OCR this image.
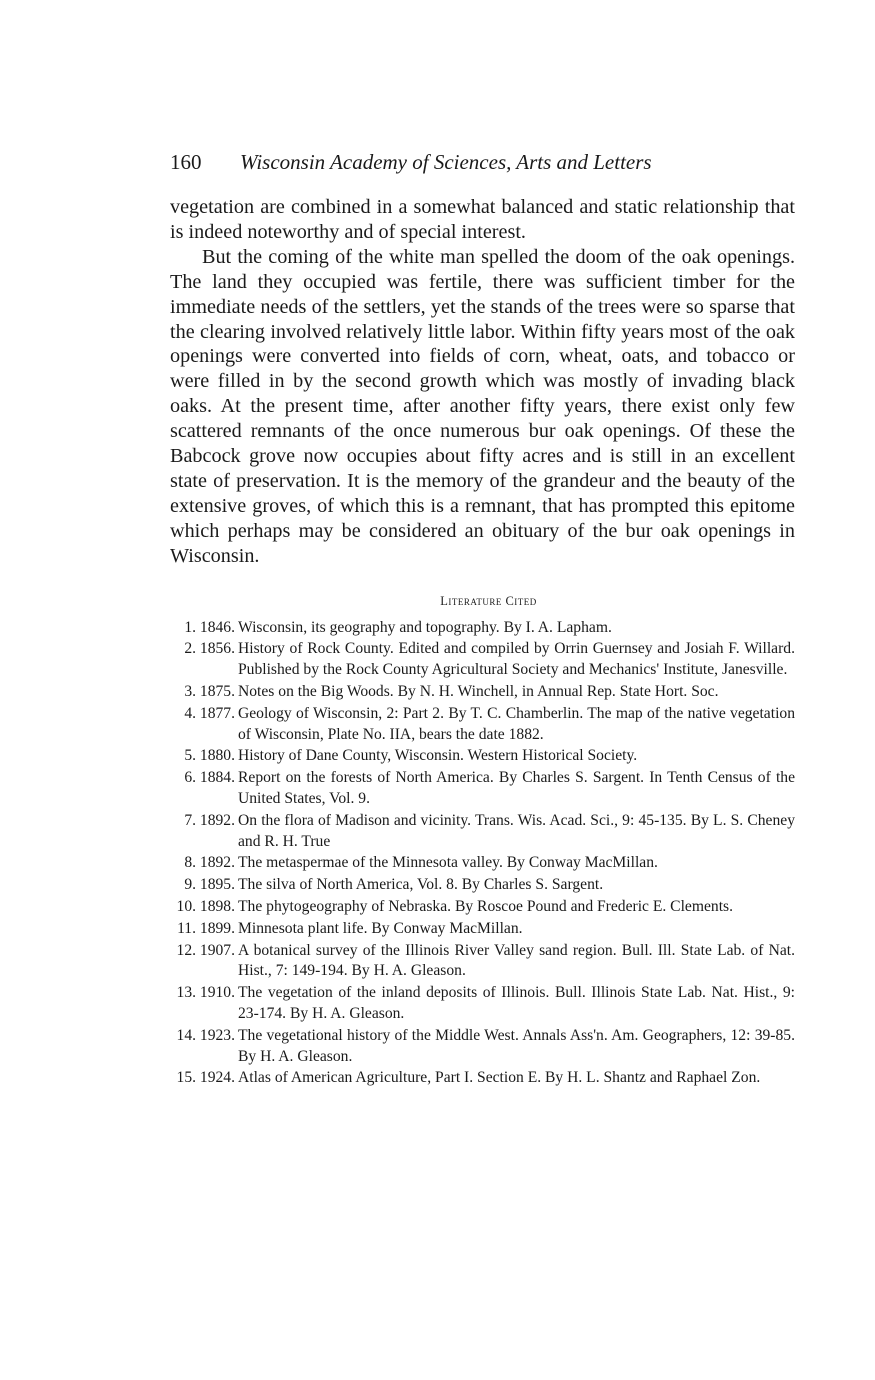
160	Wisconsin Academy of Sciences, Arts and Letters

vegetation are combined in a somewhat balanced and static relationship that is indeed noteworthy and of special interest.

But the coming of the white man spelled the doom of the oak openings. The land they occupied was fertile, there was sufficient timber for the immediate needs of the settlers, yet the stands of the trees were so sparse that the clearing involved relatively little labor. Within fifty years most of the oak openings were converted into fields of corn, wheat, oats, and tobacco or were filled in by the second growth which was mostly of invading black oaks. At the present time, after another fifty years, there exist only few scattered remnants of the once numerous bur oak openings. Of these the Babcock grove now occupies about fifty acres and is still in an excellent state of preservation. It is the memory of the grandeur and the beauty of the extensive groves, of which this is a remnant, that has prompted this epitome which perhaps may be considered an obituary of the bur oak openings in Wisconsin.

Literature Cited
1. 1846. Wisconsin, its geography and topography. By I. A. Lapham.
2. 1856. History of Rock County. Edited and compiled by Orrin Guernsey and Josiah F. Willard. Published by the Rock County Agricultural Society and Mechanics' Institute, Janesville.
3. 1875. Notes on the Big Woods. By N. H. Winchell, in Annual Rep. State Hort. Soc.
4. 1877. Geology of Wisconsin, 2: Part 2. By T. C. Chamberlin. The map of the native vegetation of Wisconsin, Plate No. IIA, bears the date 1882.
5. 1880. History of Dane County, Wisconsin. Western Historical Society.
6. 1884. Report on the forests of North America. By Charles S. Sargent. In Tenth Census of the United States, Vol. 9.
7. 1892. On the flora of Madison and vicinity. Trans. Wis. Acad. Sci., 9: 45-135. By L. S. Cheney and R. H. True
8. 1892. The metaspermae of the Minnesota valley. By Conway MacMillan.
9. 1895. The silva of North America, Vol. 8. By Charles S. Sargent.
10. 1898. The phytogeography of Nebraska. By Roscoe Pound and Frederic E. Clements.
11. 1899. Minnesota plant life. By Conway MacMillan.
12. 1907. A botanical survey of the Illinois River Valley sand region. Bull. Ill. State Lab. of Nat. Hist., 7: 149-194. By H. A. Gleason.
13. 1910. The vegetation of the inland deposits of Illinois. Bull. Illinois State Lab. Nat. Hist., 9: 23-174. By H. A. Gleason.
14. 1923. The vegetational history of the Middle West. Annals Ass'n. Am. Geographers, 12: 39-85. By H. A. Gleason.
15. 1924. Atlas of American Agriculture, Part I. Section E. By H. L. Shantz and Raphael Zon.
